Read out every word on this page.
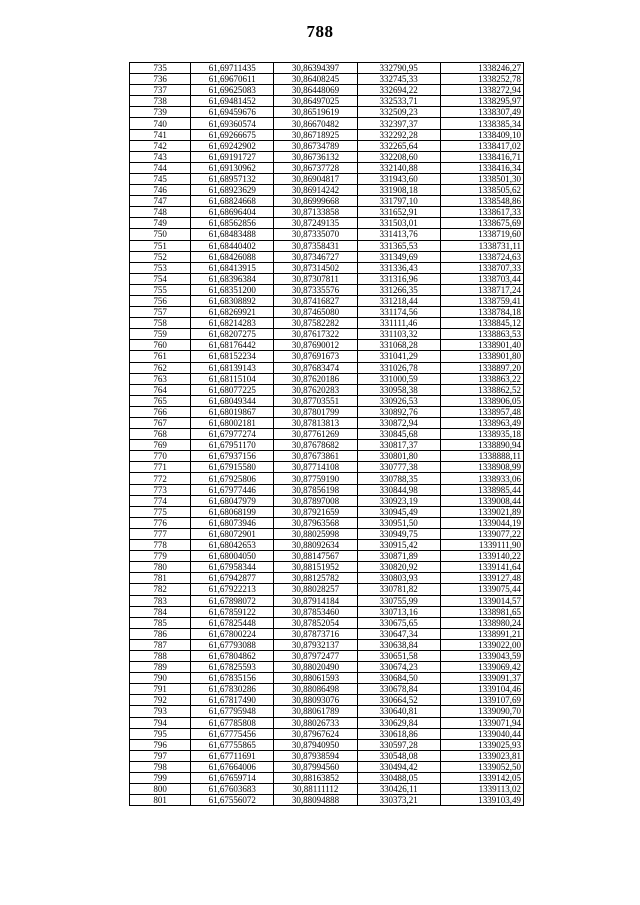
788
735	61,69711435	30,86394397	332790,95	1338246,27
736	61,69670611	30,86408245	332745,33	1338252,78
737	61,69625083	30,86448069	332694,22	1338272,94
738	61,69481452	30,86497025	332533,71	1338295,97
739	61,69459676	30,86519619	332509,23	1338307,49
740	61,69360574	30,86670482	332397,37	1338385,34
741	61,69266675	30,86718925	332292,28	1338409,10
742	61,69242902	30,86734789	332265,64	1338417,02
743	61,69191727	30,86736132	332208,60	1338416,71
744	61,69130962	30,86737728	332140,88	1338416,34
745	61,68957132	30,86904817	331943,60	1338501,30
746	61,68923629	30,86914242	331908,18	1338505,62
747	61,68824668	30,86999668	331797,10	1338548,86
748	61,68696404	30,87133858	331652,91	1338617,33
749	61,68562856	30,87249135	331503,01	1338675,69
750	61,68483488	30,87335070	331413,76	1338719,60
751	61,68440402	30,87358431	331365,53	1338731,11
752	61,68426088	30,87346727	331349,69	1338724,63
753	61,68413915	30,87314502	331336,43	1338707,33
754	61,68396384	30,87307811	331316,96	1338703,44
755	61,68351200	30,87335576	331266,35	1338717,24
756	61,68308892	30,87416827	331218,44	1338759,41
757	61,68269921	30,87465080	331174,56	1338784,18
758	61,68214283	30,87582282	331111,46	1338845,12
759	61,68207275	30,87617322	331103,32	1338863,53
760	61,68176442	30,87690012	331068,28	1338901,40
761	61,68152234	30,87691673	331041,29	1338901,80
762	61,68139143	30,87683474	331026,78	1338897,20
763	61,68115104	30,87620186	331000,59	1338863,22
764	61,68077225	30,87620283	330958,38	1338862,52
765	61,68049344	30,87703551	330926,53	1338906,05
766	61,68019867	30,87801799	330892,76	1338957,48
767	61,68002181	30,87813813	330872,94	1338963,49
768	61,67977274	30,87761269	330845,68	1338935,18
769	61,67951170	30,87678682	330817,37	1338890,94
770	61,67937156	30,87673861	330801,80	1338888,11
771	61,67915580	30,87714108	330777,38	1338908,99
772	61,67925806	30,87759190	330788,35	1338933,06
773	61,67977446	30,87856198	330844,98	1338985,44
774	61,68047979	30,87897008	330923,19	1339008,44
775	61,68068199	30,87921659	330945,49	1339021,89
776	61,68073946	30,87963568	330951,50	1339044,19
777	61,68072901	30,88025998	330949,75	1339077,22
778	61,68042653	30,88092634	330915,42	1339111,90
779	61,68004050	30,88147567	330871,89	1339140,22
780	61,67958344	30,88151952	330820,92	1339141,64
781	61,67942877	30,88125782	330803,93	1339127,48
782	61,67922213	30,88028257	330781,82	1339075,44
783	61,67898072	30,87914184	330755,99	1339014,57
784	61,67859122	30,87853460	330713,16	1338981,65
785	61,67825448	30,87852054	330675,65	1338980,24
786	61,67800224	30,87873716	330647,34	1338991,21
787	61,67793088	30,87932137	330638,84	1339022,00
788	61,67804862	30,87972477	330651,58	1339043,59
789	61,67825593	30,88020490	330674,23	1339069,42
790	61,67835156	30,88061593	330684,50	1339091,37
791	61,67830286	30,88086498	330678,84	1339104,46
792	61,67817490	30,88093076	330664,52	1339107,69
793	61,67795948	30,88061789	330640,81	1339090,70
794	61,67785808	30,88026733	330629,84	1339071,94
795	61,67775456	30,87967624	330618,86	1339040,44
796	61,67755865	30,87940950	330597,28	1339025,93
797	61,67711691	30,87938594	330548,08	1339023,81
798	61,67664006	30,87994560	330494,42	1339052,50
799	61,67659714	30,88163852	330488,05	1339142,05
800	61,67603683	30,88111112	330426,11	1339113,02
801	61,67556072	30,88094888	330373,21	1339103,49
